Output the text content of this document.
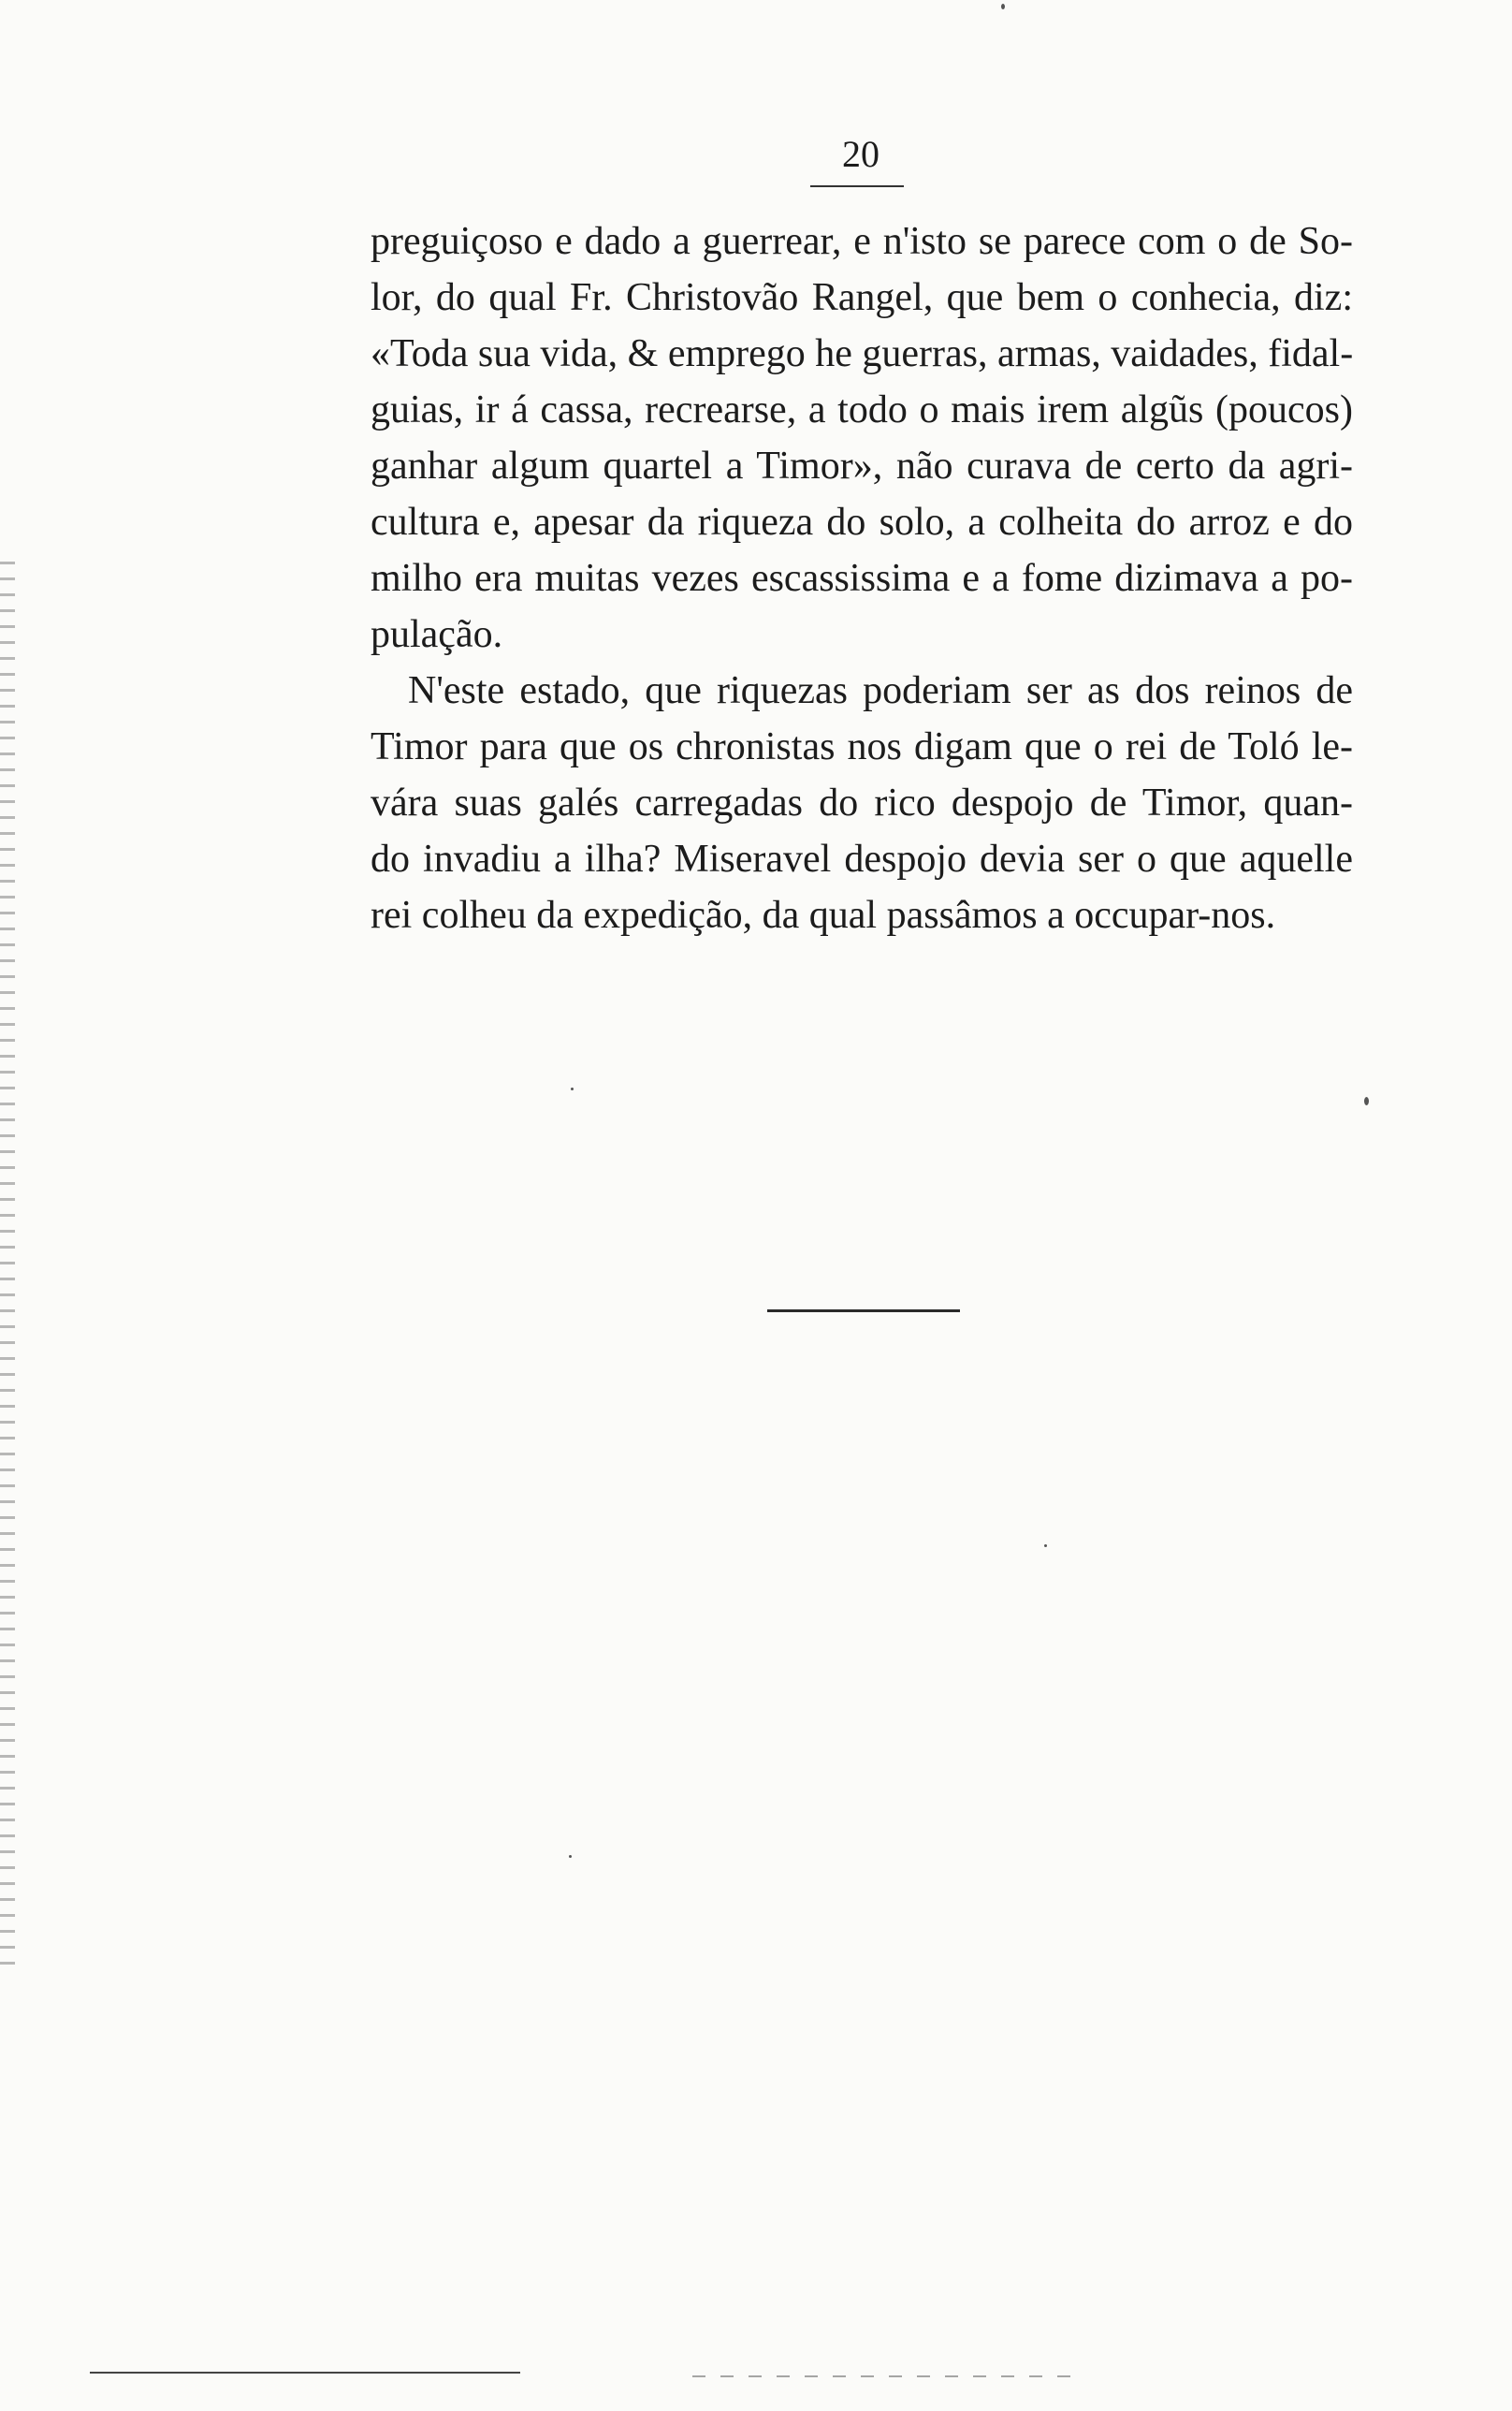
20
preguiçoso e dado a guerrear, e n'isto se parece com o de So-
lor, do qual Fr. Christovão Rangel, que bem o conhecia, diz:
«Toda sua vida, & emprego he guerras, armas, vaidades, fidal-
guias, ir á cassa, recrearse, a todo o mais irem algũs (poucos)
ganhar algum quartel a Timor», não curava de certo da agri-
cultura e, apesar da riqueza do solo, a colheita do arroz e do
milho era muitas vezes escassissima e a fome dizimava a po-
pulação.
N'este estado, que riquezas poderiam ser as dos reinos de
Timor para que os chronistas nos digam que o rei de Toló le-
vára suas galés carregadas do rico despojo de Timor, quan-
do invadiu a ilha? Miseravel despojo devia ser o que aquelle
rei colheu da expedição, da qual passâmos a occupar-nos.
